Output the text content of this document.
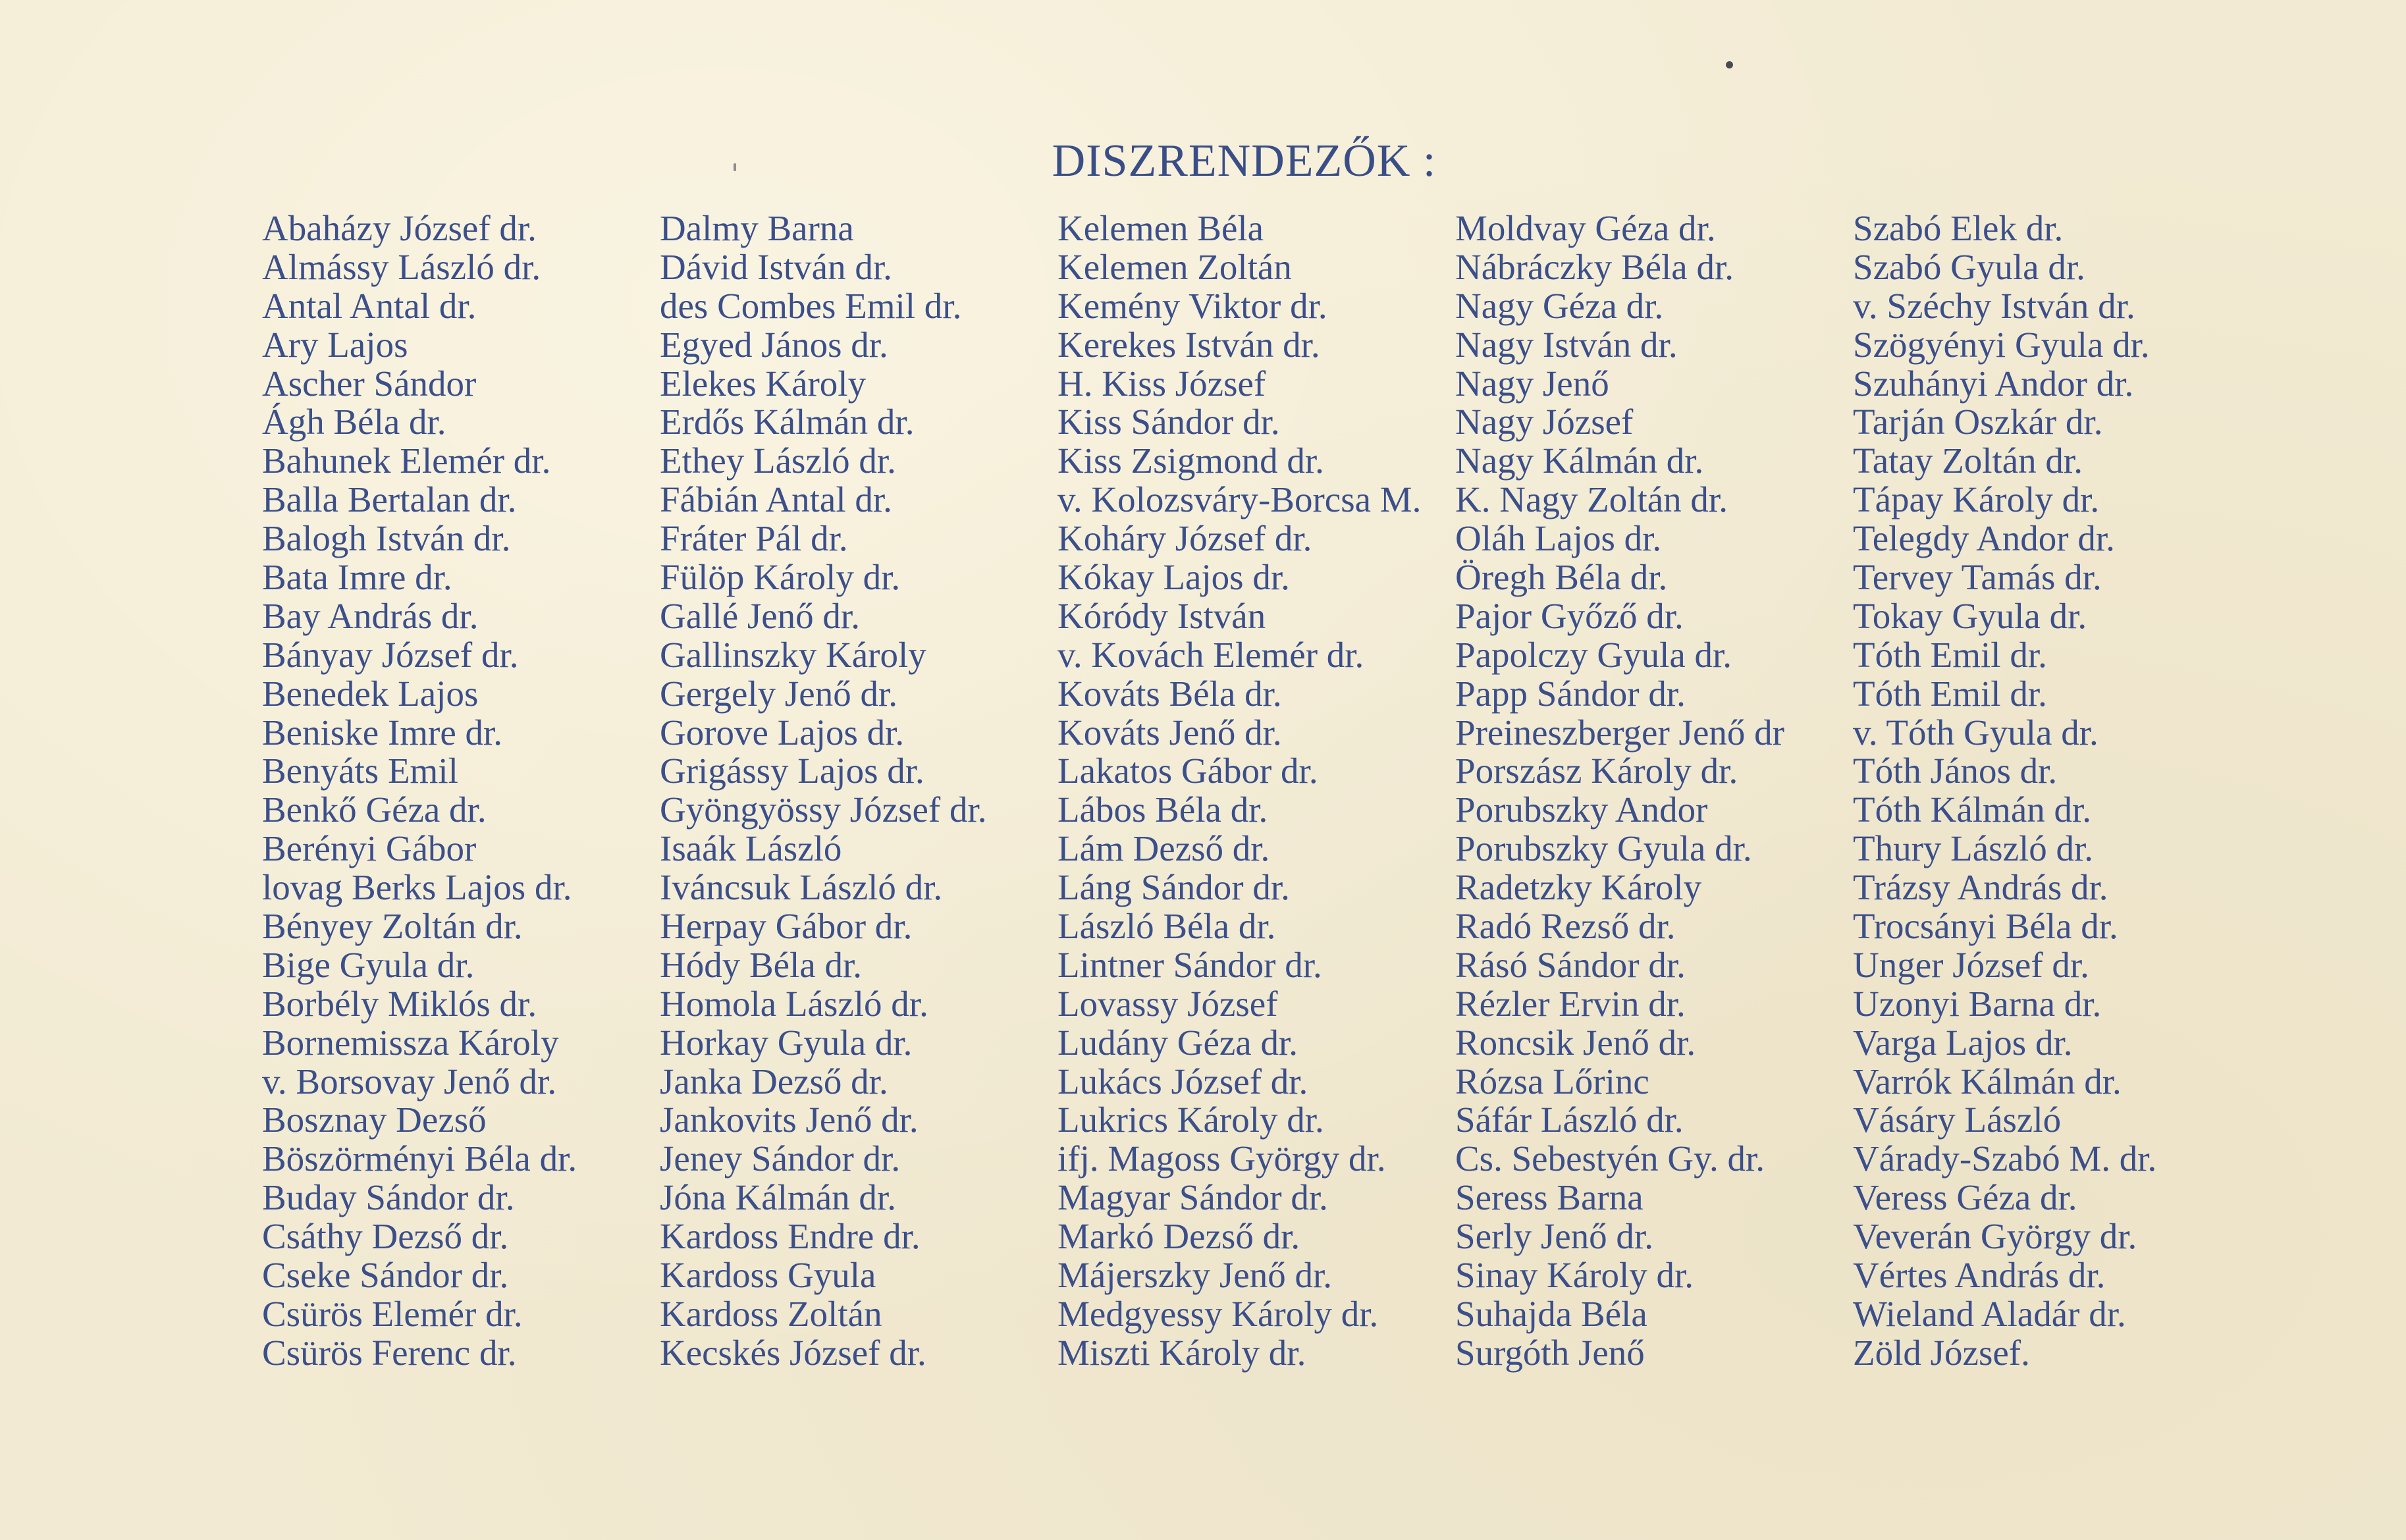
DISZRENDEZŐK :
Abaházy József dr.
Almássy László dr.
Antal Antal dr.
Ary Lajos
Ascher Sándor
Ágh Béla dr.
Bahunek Elemér dr.
Balla Bertalan dr.
Balogh István dr.
Bata Imre dr.
Bay András dr.
Bányay József dr.
Benedek Lajos
Beniske Imre dr.
Benyáts Emil
Benkő Géza dr.
Berényi Gábor
lovag Berks Lajos dr.
Bényey Zoltán dr.
Bige Gyula dr.
Borbély Miklós dr.
Bornemissza Károly
v. Borsovay Jenő dr.
Bosznay Dezső
Böszörményi Béla dr.
Buday Sándor dr.
Csáthy Dezső dr.
Cseke Sándor dr.
Csürös Elemér dr.
Csürös Ferenc dr.
Dalmy Barna
Dávid István dr.
des Combes Emil dr.
Egyed János dr.
Elekes Károly
Erdős Kálmán dr.
Ethey László dr.
Fábián Antal dr.
Fráter Pál dr.
Fülöp Károly dr.
Gallé Jenő dr.
Gallinszky Károly
Gergely Jenő dr.
Gorove Lajos dr.
Grigássy Lajos dr.
Gyöngyössy József dr.
Isaák László
Iváncsuk László dr.
Herpay Gábor dr.
Hódy Béla dr.
Homola László dr.
Horkay Gyula dr.
Janka Dezső dr.
Jankovits Jenő dr.
Jeney Sándor dr.
Jóna Kálmán dr.
Kardoss Endre dr.
Kardoss Gyula
Kardoss Zoltán
Kecskés József dr.
Kelemen Béla
Kelemen Zoltán
Kemény Viktor dr.
Kerekes István dr.
H. Kiss József
Kiss Sándor dr.
Kiss Zsigmond dr.
v. Kolozsváry-Borcsa M.
Koháry József dr.
Kókay Lajos dr.
Kóródy István
v. Kovách Elemér dr.
Kováts Béla dr.
Kováts Jenő dr.
Lakatos Gábor dr.
Lábos Béla dr.
Lám Dezső dr.
Láng Sándor dr.
László Béla dr.
Lintner Sándor dr.
Lovassy József
Ludány Géza dr.
Lukács József dr.
Lukrics Károly dr.
ifj. Magoss György dr.
Magyar Sándor dr.
Markó Dezső dr.
Májerszky Jenő dr.
Medgyessy Károly dr.
Miszti Károly dr.
Moldvay Géza dr.
Nábráczky Béla dr.
Nagy Géza dr.
Nagy István dr.
Nagy Jenő
Nagy József
Nagy Kálmán dr.
K. Nagy Zoltán dr.
Oláh Lajos dr.
Öregh Béla dr.
Pajor Győző dr.
Papolczy Gyula dr.
Papp Sándor dr.
Preineszberger Jenő dr
Porszász Károly dr.
Porubszky Andor
Porubszky Gyula dr.
Radetzky Károly
Radó Rezső dr.
Rásó Sándor dr.
Rézler Ervin dr.
Roncsik Jenő dr.
Rózsa Lőrinc
Sáfár László dr.
Cs. Sebestyén Gy. dr.
Seress Barna
Serly Jenő dr.
Sinay Károly dr.
Suhajda Béla
Surgóth Jenő
Szabó Elek dr.
Szabó Gyula dr.
v. Széchy István dr.
Szögyényi Gyula dr.
Szuhányi Andor dr.
Tarján Oszkár dr.
Tatay Zoltán dr.
Tápay Károly dr.
Telegdy Andor dr.
Tervey Tamás dr.
Tokay Gyula dr.
Tóth Emil dr.
Tóth Emil dr.
v. Tóth Gyula dr.
Tóth János dr.
Tóth Kálmán dr.
Thury László dr.
Trázsy András dr.
Trocsányi Béla dr.
Unger József dr.
Uzonyi Barna dr.
Varga Lajos dr.
Varrók Kálmán dr.
Vásáry László
Várady-Szabó M. dr.
Veress Géza dr.
Veverán György dr.
Vértes András dr.
Wieland Aladár dr.
Zöld József.
